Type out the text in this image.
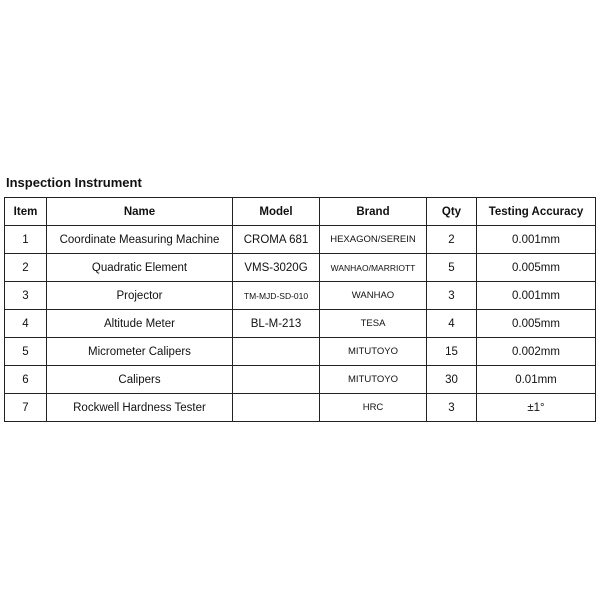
Inspection Instrument
Item	Name	Model	Brand	Qty	Testing Accuracy
1	Coordinate Measuring Machine	CROMA 681	HEXAGON/SEREIN	2	0.001mm
2	Quadratic Element	VMS-3020G	WANHAO/MARRIOTT	5	0.005mm
3	Projector	TM-MJD-SD-010	WANHAO	3	0.001mm
4	Altitude Meter	BL-M-213	TESA	4	0.005mm
5	Micrometer Calipers		MITUTOYO	15	0.002mm
6	Calipers		MITUTOYO	30	0.01mm
7	Rockwell Hardness Tester		HRC	3	±1°
